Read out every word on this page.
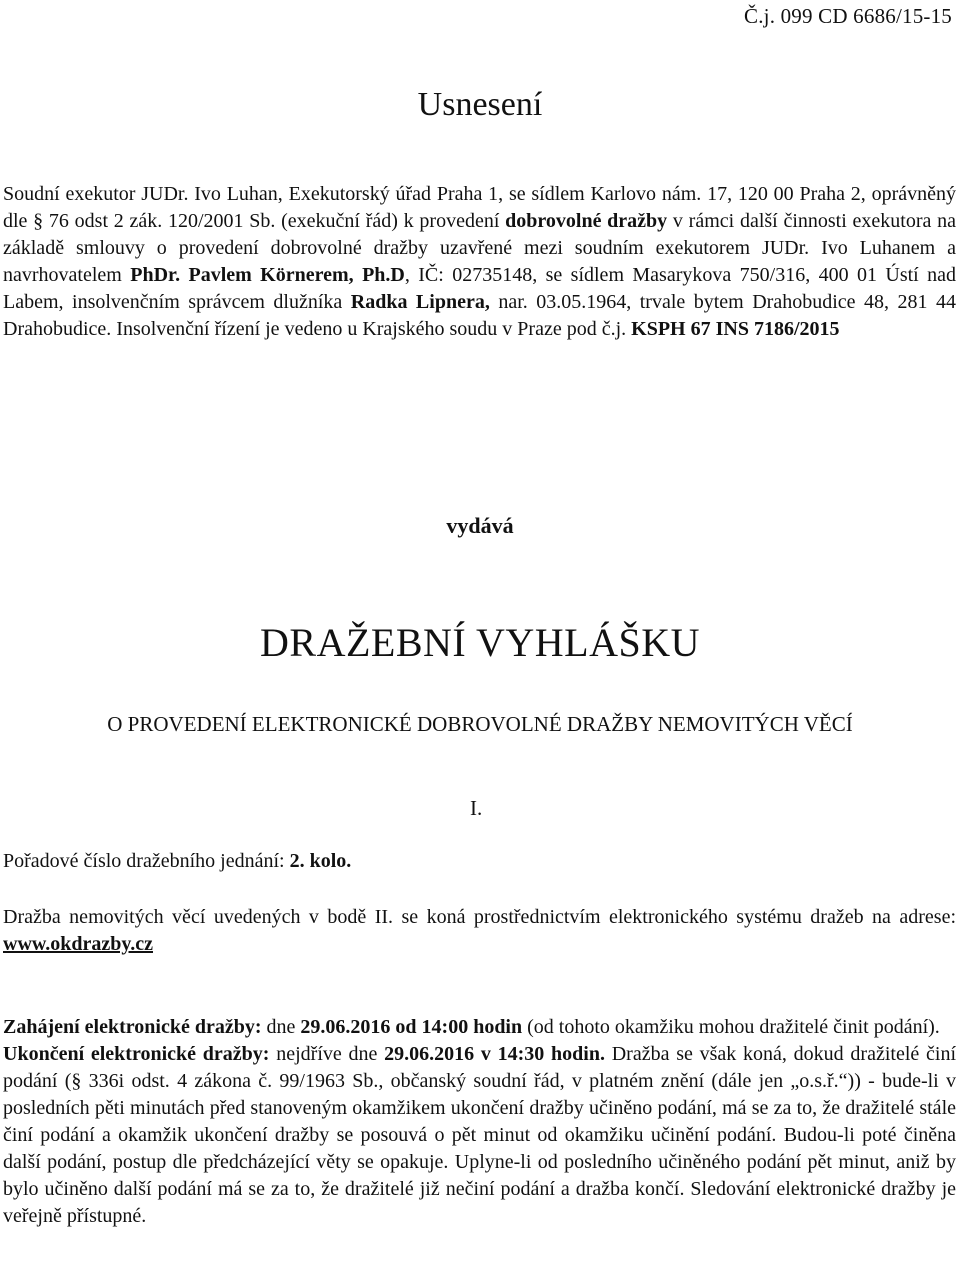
Č.j. 099 CD 6686/15-15
Usnesení

Soudní exekutor JUDr. Ivo Luhan, Exekutorský úřad Praha 1, se sídlem Karlovo nám. 17, 120 00 Praha 2, oprávněný dle § 76 odst 2 zák. 120/2001 Sb. (exekuční řád) k provedení dobrovolné dražby v rámci další činnosti exekutora na základě smlouvy o provedení dobrovolné dražby uzavřené mezi soudním exekutorem JUDr. Ivo Luhanem a navrhovatelem PhDr. Pavlem Körnerem, Ph.D, IČ: 02735148, se sídlem Masarykova 750/316, 400 01 Ústí nad Labem, insolvenčním správcem dlužníka Radka Lipnera, nar. 03.05.1964, trvale bytem Drahobudice 48, 281 44 Drahobudice. Insolvenční řízení je vedeno u Krajského soudu v Praze pod č.j. KSPH 67 INS 7186/2015

vydává
DRAŽEBNÍ VYHLÁŠKU
O PROVEDENÍ ELEKTRONICKÉ DOBROVOLNÉ DRAŽBY NEMOVITÝCH VĚCÍ
I.
Pořadové číslo dražebního jednání: 2. kolo.

Dražba nemovitých věcí uvedených v bodě II. se koná prostřednictvím elektronického systému dražeb na adrese: www.okdrazby.cz

Zahájení elektronické dražby: dne 29.06.2016 od 14:00 hodin (od tohoto okamžiku mohou dražitelé činit podání).
Ukončení elektronické dražby: nejdříve dne 29.06.2016 v 14:30 hodin. Dražba se však koná, dokud dražitelé činí podání (§ 336i odst. 4 zákona č. 99/1963 Sb., občanský soudní řád, v platném znění (dále jen „o.s.ř.“)) - bude-li v posledních pěti minutách před stanoveným okamžikem ukončení dražby učiněno podání, má se za to, že dražitelé stále činí podání a okamžik ukončení dražby se posouvá o pět minut od okamžiku učinění podání. Budou-li poté činěna další podání, postup dle předcházející věty se opakuje. Uplyne-li od posledního učiněného podání pět minut, aniž by bylo učiněno další podání má se za to, že dražitelé již nečiní podání a dražba končí. Sledování elektronické dražby je veřejně přístupné.
